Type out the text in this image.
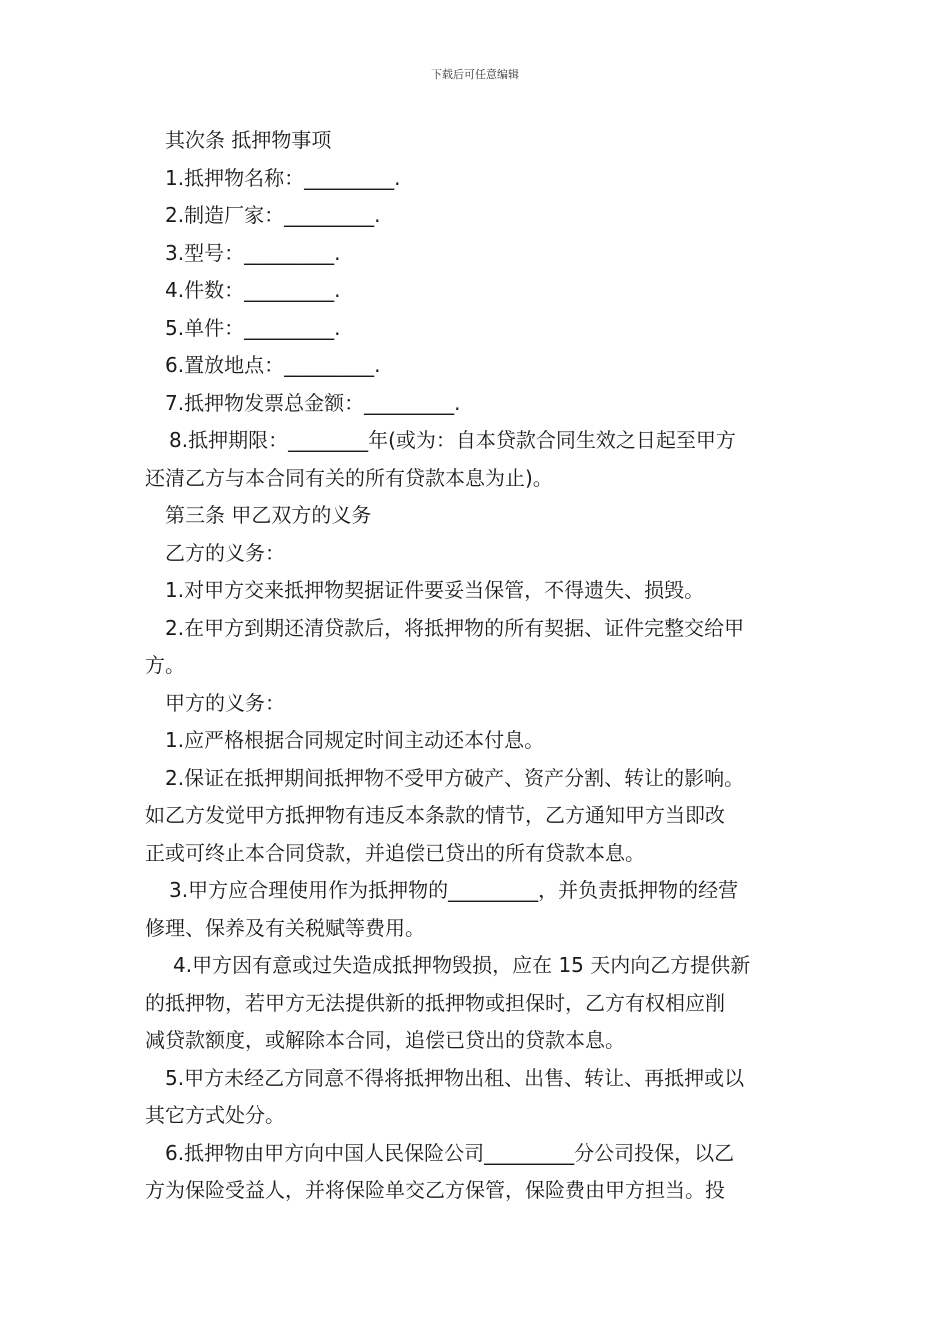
下载后可任意编辑

其次条 抵押物事项

1.抵押物名称：_________.

2.制造厂家：_________.

3.型号：_________.

4.件数：_________.

5.单件：_________.

6.置放地点：_________.

7.抵押物发票总金额：_________.

8.抵押期限：________年(或为：自本贷款合同生效之日起至甲方

还清乙方与本合同有关的所有贷款本息为止)。

第三条 甲乙双方的义务

乙方的义务：

1.对甲方交来抵押物契据证件要妥当保管，不得遗失、损毁。

2.在甲方到期还清贷款后，将抵押物的所有契据、证件完整交给甲

方。

甲方的义务：

1.应严格根据合同规定时间主动还本付息。

2.保证在抵押期间抵押物不受甲方破产、资产分割、转让的影响。

如乙方发觉甲方抵押物有违反本条款的情节，乙方通知甲方当即改

正或可终止本合同贷款，并追偿已贷出的所有贷款本息。

3.甲方应合理使用作为抵押物的_________，并负责抵押物的经营

修理、保养及有关税赋等费用。

4.甲方因有意或过失造成抵押物毁损，应在 15 天内向乙方提供新

的抵押物，若甲方无法提供新的抵押物或担保时，乙方有权相应削

减贷款额度，或解除本合同，追偿已贷出的贷款本息。

5.甲方未经乙方同意不得将抵押物出租、出售、转让、再抵押或以

其它方式处分。

6.抵押物由甲方向中国人民保险公司_________分公司投保，以乙

方为保险受益人，并将保险单交乙方保管，保险费由甲方担当。投
